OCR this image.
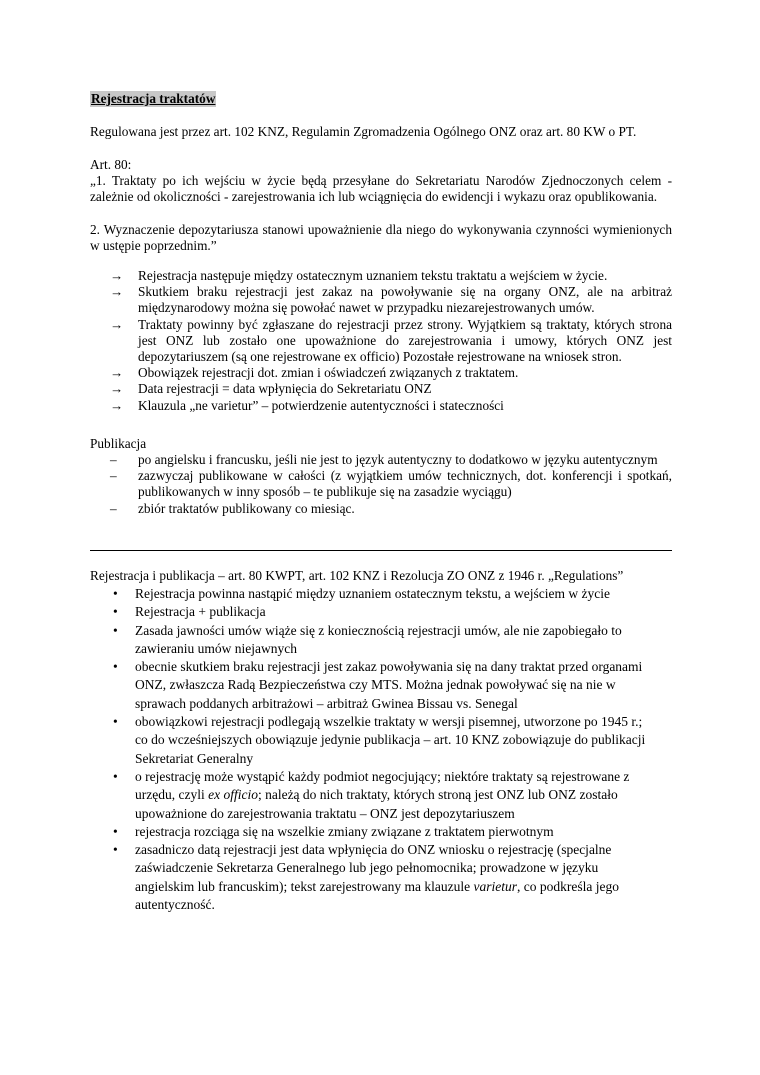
Rejestracja traktatów
Regulowana jest przez art. 102 KNZ, Regulamin Zgromadzenia Ogólnego ONZ oraz art. 80 KW o PT.
Art. 80:
„1. Traktaty po ich wejściu w życie będą przesyłane do Sekretariatu Narodów Zjednoczonych celem - zależnie od okoliczności - zarejestrowania ich lub wciągnięcia do ewidencji i wykazu oraz opublikowania.
2. Wyznaczenie depozytariusza stanowi upoważnienie dla niego do wykonywania czynności wymienionych w ustępie poprzednim.”
→ Rejestracja następuje między ostatecznym uznaniem tekstu traktatu a wejściem w życie.
→ Skutkiem braku rejestracji jest zakaz na powoływanie się na organy ONZ, ale na arbitraż międzynarodowy można się powołać nawet w przypadku niezarejestrowanych umów.
→ Traktaty powinny być zgłaszane do rejestracji przez strony. Wyjątkiem są traktaty, których strona jest ONZ lub zostało one upoważnione do zarejestrowania i umowy, których ONZ jest depozytariuszem (są one rejestrowane ex officio) Pozostałe rejestrowane na wniosek stron.
→ Obowiązek rejestracji dot. zmian i oświadczeń związanych z traktatem.
→ Data rejestracji = data wpłynięcia do Sekretariatu ONZ
→ Klauzula „ne varietur” – potwierdzenie autentyczności i stateczności
Publikacja
– po angielsku i francusku, jeśli nie jest to język autentyczny to dodatkowo w języku autentycznym
– zazwyczaj publikowane w całości (z wyjątkiem umów technicznych, dot. konferencji i spotkań, publikowanych w inny sposób – te publikuje się na zasadzie wyciągu)
– zbiór traktatów publikowany co miesiąc.
Rejestracja i publikacja – art. 80 KWPT, art. 102 KNZ i Rezolucja ZO ONZ z 1946 r. „Regulations”
• Rejestracja powinna nastąpić między uznaniem ostatecznym tekstu, a wejściem w życie
• Rejestracja + publikacja
• Zasada jawności umów wiąże się z koniecznością rejestracji umów, ale nie zapobiegało to zawieraniu umów niejawnych
• obecnie skutkiem braku rejestracji jest zakaz powoływania się na dany traktat przed organami ONZ, zwłaszcza Radą Bezpieczeństwa czy MTS. Można jednak powoływać się na nie w sprawach poddanych arbitrażowi – arbitraż Gwinea Bissau vs. Senegal
• obowiązkowi rejestracji podlegają wszelkie traktaty w wersji pisemnej, utworzone po 1945 r.; co do wcześniejszych obowiązuje jedynie publikacja – art. 10 KNZ zobowiązuje do publikacji Sekretariat Generalny
• o rejestrację może wystąpić każdy podmiot negocjujący; niektóre traktaty są rejestrowane z urzędu, czyli ex officio; należą do nich traktaty, których stroną jest ONZ lub ONZ zostało upoważnione do zarejestrowania traktatu – ONZ jest depozytariuszem
• rejestracja rozciąga się na wszelkie zmiany związane z traktatem pierwotnym
• zasadniczo datą rejestracji jest data wpłynięcia do ONZ wniosku o rejestrację (specjalne zaświadczenie Sekretarza Generalnego lub jego pełnomocnika; prowadzone w języku angielskim lub francuskim); tekst zarejestrowany ma klauzule varietur, co podkreśla jego autentyczność.
